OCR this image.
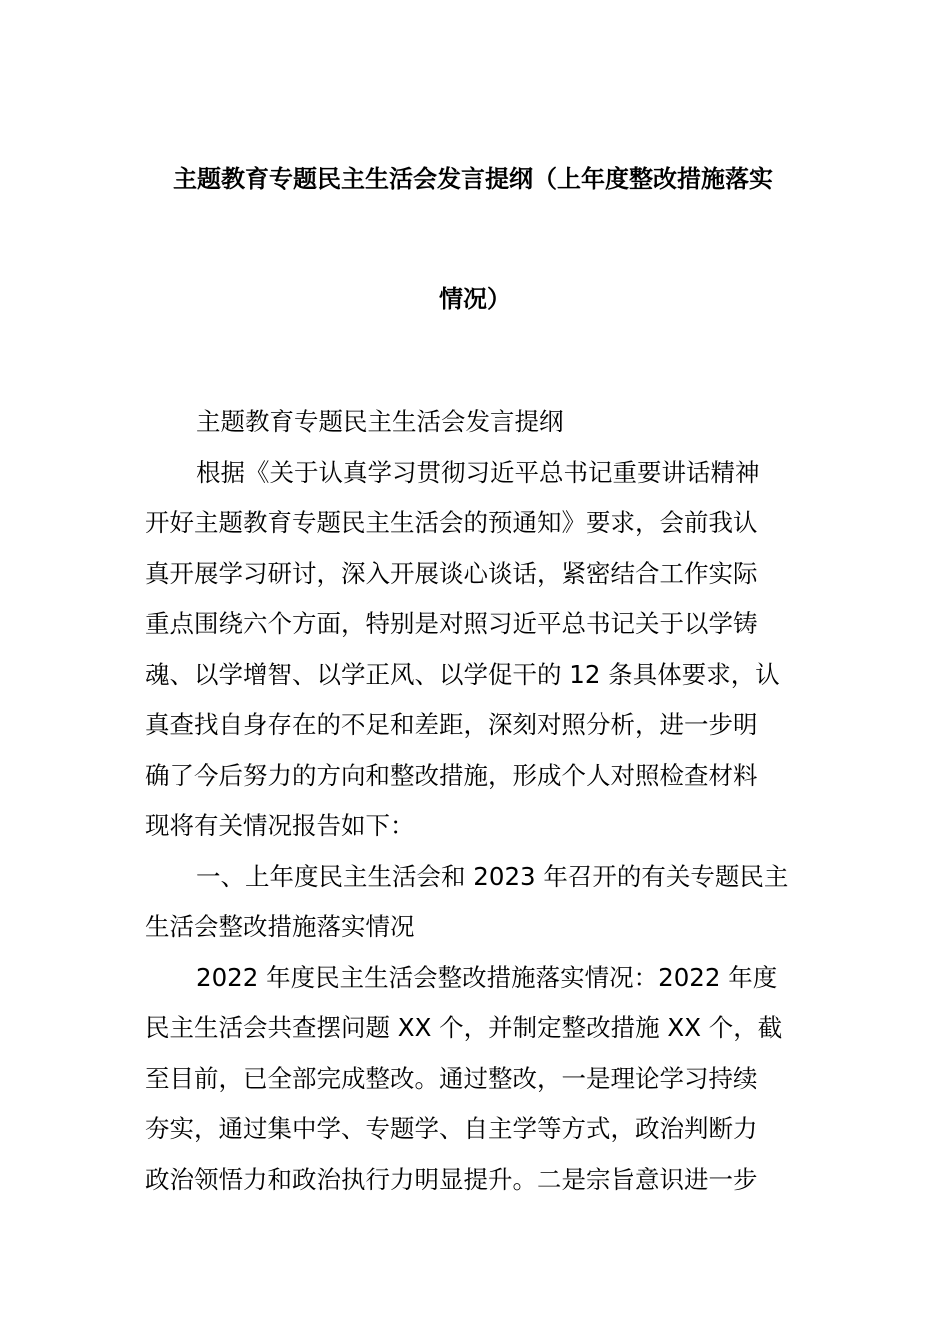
主题教育专题民主生活会发言提纲（上年度整改措施落实
情况）
主题教育专题民主生活会发言提纲
根据《关于认真学习贯彻习近平总书记重要讲话精神
开好主题教育专题民主生活会的预通知》要求，会前我认
真开展学习研讨，深入开展谈心谈话，紧密结合工作实际
重点围绕六个方面，特别是对照习近平总书记关于以学铸
魂、以学增智、以学正风、以学促干的 12 条具体要求，认
真查找自身存在的不足和差距，深刻对照分析，进一步明
确了今后努力的方向和整改措施，形成个人对照检查材料
现将有关情况报告如下：
一、上年度民主生活会和 2023 年召开的有关专题民主
生活会整改措施落实情况
2022 年度民主生活会整改措施落实情况：2022 年度
民主生活会共查摆问题 XX 个，并制定整改措施 XX 个，截
至目前，已全部完成整改。通过整改，一是理论学习持续
夯实，通过集中学、专题学、自主学等方式，政治判断力
政治领悟力和政治执行力明显提升。二是宗旨意识进一步
